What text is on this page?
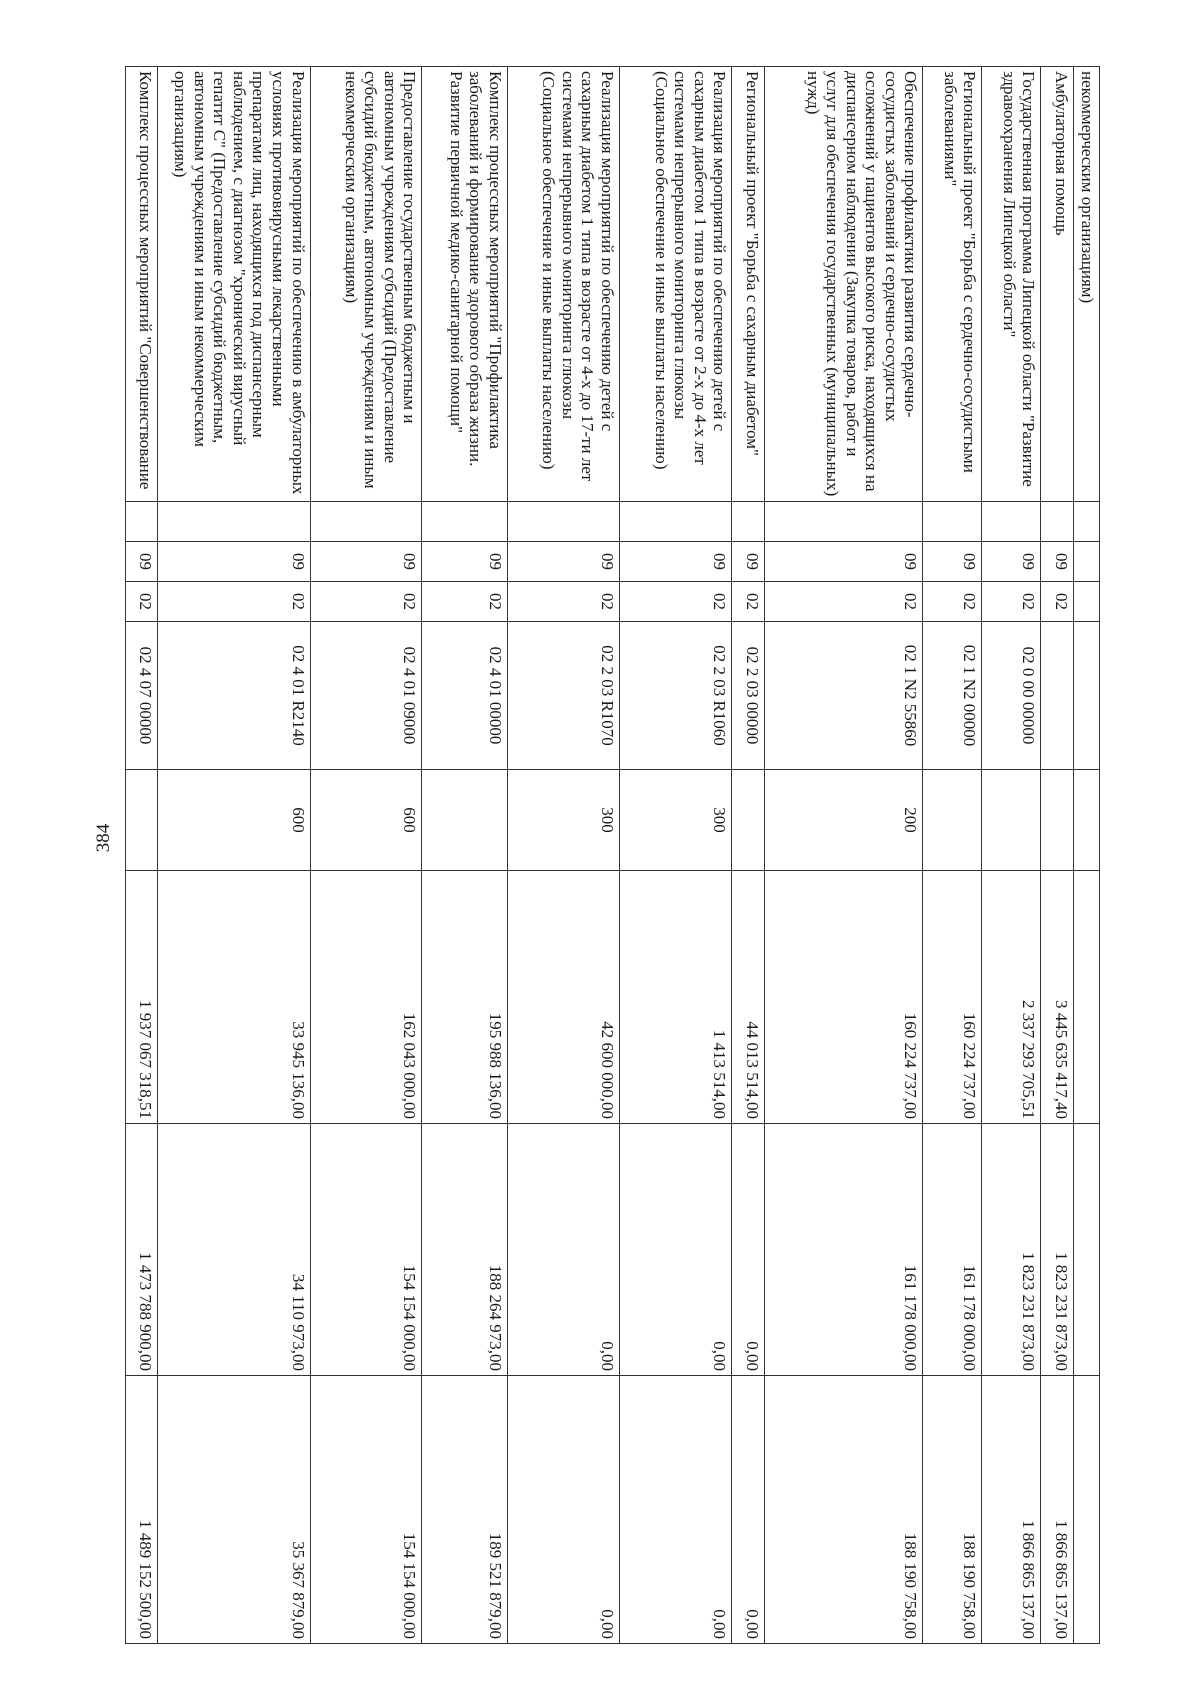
384
некоммерческим организациям)								
Амбулаторная помощь		09	02			3 445 635 417,40	1 823 231 873,00	1 866 865 137,00
Государственная программа Липецкой области "Развитие здравоохранения Липецкой области"		09	02	02 0 00 00000		2 337 293 705,51	1 823 231 873,00	1 866 865 137,00
Региональный проект "Борьба с сердечно-сосудистыми заболеваниями"		09	02	02 1 N2 00000		160 224 737,00	161 178 000,00	188 190 758,00
Обеспечение профилактики развития сердечно-сосудистых заболеваний и сердечно-сосудистых осложнений у пациентов высокого риска, находящихся на диспансерном наблюдении (Закупка товаров, работ и услуг для обеспечения государственных (муниципальных) нужд)		09	02	02 1 N2 55860	200	160 224 737,00	161 178 000,00	188 190 758,00
Региональный проект "Борьба с сахарным диабетом"		09	02	02 2 03 00000		44 013 514,00	0,00	0,00
Реализация мероприятий по обеспечению детей с сахарным диабетом 1 типа в возрасте от 2-х до 4-х лет системами непрерывного мониторинга глюкозы (Социальное обеспечение и иные выплаты населению)		09	02	02 2 03 R1060	300	1 413 514,00	0,00	0,00
Реализация мероприятий по обеспечению детей с сахарным диабетом 1 типа в возрасте от 4-х до 17-ти лет системами непрерывного мониторинга глюкозы (Социальное обеспечение и иные выплаты населению)		09	02	02 2 03 R1070	300	42 600 000,00	0,00	0,00
Комплекс процессных мероприятий "Профилактика заболеваний и формирование здорового образа жизни. Развитие первичной медико-санитарной помощи"		09	02	02 4 01 00000		195 988 136,00	188 264 973,00	189 521 879,00
Предоставление государственным бюджетным и автономным учреждениям субсидий (Предоставление субсидий бюджетным, автономным учреждениям и иным некоммерческим организациям)		09	02	02 4 01 09000	600	162 043 000,00	154 154 000,00	154 154 000,00
Реализация мероприятий по обеспечению в амбулаторных условиях противовирусными лекарственными препаратами лиц, находящихся под диспансерным наблюдением, с диагнозом "хронический вирусный гепатит С" (Предоставление субсидий бюджетным, автономным учреждениям и иным некоммерческим организациям)		09	02	02 4 01 R2140	600	33 945 136,00	34 110 973,00	35 367 879,00
Комплекс процессных мероприятий "Совершенствование		09	02	02 4 07 00000		1 937 067 318,51	1 473 788 900,00	1 489 152 500,00
